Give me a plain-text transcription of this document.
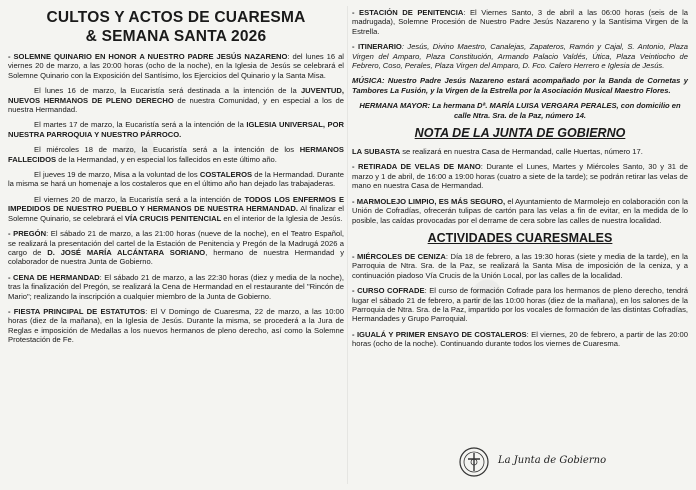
CULTOS Y ACTOS DE CUARESMA
& SEMANA SANTA 2026

- SOLEMNE QUINARIO EN HONOR A NUESTRO PADRE JESÚS NAZARENO: del lunes 16 al viernes 20 de marzo, a las 20:00 horas (ocho de la noche), en la Iglesia de Jesús se celebrará el Solemne Quinario con la Exposición del Santísimo, los Ejercicios del Quinario y la Santa Misa.

El lunes 16 de marzo, la Eucaristía será destinada a la intención de la JUVENTUD, NUEVOS HERMANOS DE PLENO DERECHO de nuestra Comunidad, y en especial a los de nuestra Hermandad.

El martes 17 de marzo, la Eucaristía será a la intención de la IGLESIA UNIVERSAL, POR NUESTRA PARROQUIA Y NUESTRO PÁRROCO.

El miércoles 18 de marzo, la Eucaristía será a la intención de los HERMANOS FALLECIDOS de la Hermandad, y en especial los fallecidos en este último año.

El jueves 19 de marzo, Misa a la voluntad de los COSTALEROS de la Hermandad. Durante la misma se hará un homenaje a los costaleros que en el último año han dejado las trabajaderas.

El viernes 20 de marzo, la Eucaristía será a la intención de TODOS LOS ENFERMOS E IMPEDIDOS DE NUESTRO PUEBLO Y HERMANOS DE NUESTRA HERMANDAD. Al finalizar el Solemne Quinario, se celebrará el VÍA CRUCIS PENITENCIAL en el interior de la Iglesia de Jesús.

- PREGÓN: El sábado 21 de marzo, a las 21:00 horas (nueve de la noche), en el Teatro Español, se realizará la presentación del cartel de la Estación de Penitencia y Pregón de la Madrugá 2026 a cargo de D. JOSÉ MARÍA ALCÁNTARA SORIANO, hermano de nuestra Hermandad y colaborador de nuestra Junta de Gobierno.

- CENA DE HERMANDAD: El sábado 21 de marzo, a las 22:30 horas (diez y media de la noche), tras la finalización del Pregón, se realizará la Cena de Hermandad en el restaurante del "Rincón de Mario"; realizando la inscripción a cualquier miembro de la Junta de Gobierno.

- FIESTA PRINCIPAL DE ESTATUTOS: El V Domingo de Cuaresma, 22 de marzo, a las 10:00 horas (diez de la mañana), en la Iglesia de Jesús. Durante la misma, se procederá a la Jura de Reglas e imposición de Medallas a los nuevos hermanos de pleno derecho, así como la Solemne Protestación de Fe.

- ESTACIÓN DE PENITENCIA: El Viernes Santo, 3 de abril a las 06:00 horas (seis de la madrugada), Solemne Procesión de Nuestro Padre Jesús Nazareno y la Santísima Virgen de la Estrella.

- ITINERARIO: Jesús, Divino Maestro, Canalejas, Zapateros, Ramón y Cajal, S. Antonio, Plaza Virgen del Amparo, Plaza Constitución, Armando Palacio Valdés, Útica, Plaza Veintiocho de Febrero, Coso, Perales, Plaza Virgen del Amparo, D. Fco. Calero Herrero e Iglesia de Jesús.

MÚSICA: Nuestro Padre Jesús Nazareno estará acompañado por la Banda de Cornetas y Tambores La Fusión, y la Virgen de la Estrella por la Asociación Musical Maestro Flores.

HERMANA MAYOR: La hermana Dª. MARÍA LUISA VERGARA PERALES, con domicilio en calle Ntra. Sra. de la Paz, número 14.

NOTA DE LA JUNTA DE GOBIERNO

LA SUBASTA se realizará en nuestra Casa de Hermandad, calle Huertas, número 17.

- RETIRADA DE VELAS DE MANO: Durante el Lunes, Martes y Miércoles Santo, 30 y 31 de marzo y 1 de abril, de 16:00 a 19:00 horas (cuatro a siete de la tarde); se podrán retirar las velas de mano en nuestra Casa de Hermandad.

- MARMOLEJO LIMPIO, ES MÁS SEGURO, el Ayuntamiento de Marmolejo en colaboración con la Unión de Cofradías, ofrecerán tulipas de cartón para las velas a fin de evitar, en la medida de lo posible, las caídas provocadas por el derrame de cera sobre las calles de nuestra localidad.

ACTIVIDADES CUARESMALES

- MIÉRCOLES DE CENIZA: Día 18 de febrero, a las 19:30 horas (siete y media de la tarde), en la Parroquia de Ntra. Sra. de la Paz, se realizará la Santa Misa de imposición de la ceniza, y a continuación piadoso Vía Crucis de la Unión Local, por las calles de la localidad.

- CURSO COFRADE: El curso de formación Cofrade para los hermanos de pleno derecho, tendrá lugar el sábado 21 de febrero, a partir de las 10:00 horas (diez de la mañana), en los salones de la Parroquia de Ntra. Sra. de la Paz, impartido por los vocales de formación de las distintas Cofradías, Hermandades y Grupo Parroquial.

- IGUALÁ Y PRIMER ENSAYO DE COSTALEROS: El viernes, 20 de febrero, a partir de las 20:00 horas (ocho de la noche). Continuando durante todos los viernes de Cuaresma.

La Junta de Gobierno
